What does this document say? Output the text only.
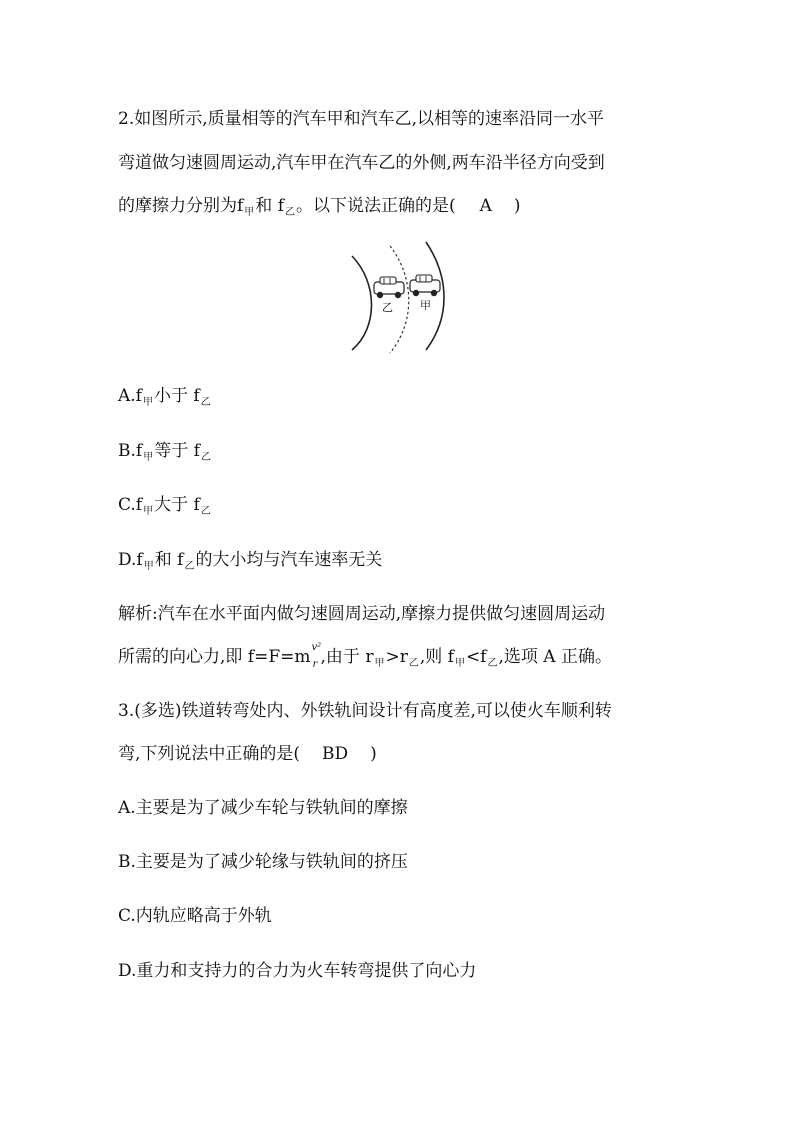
2.如图所示,质量相等的汽车甲和汽车乙,以相等的速率沿同一水平
弯道做匀速圆周运动,汽车甲在汽车乙的外侧,两车沿半径方向受到
的摩擦力分别为$f_甲$和 $f_乙$。以下说法正确的是( A )
乙 甲
$A.f_甲$小于 $f_乙$
$B.f_甲$等于 $f_乙$
$C.f_甲$大于 $f_乙$
$D.f_甲$和 $f_乙$的大小均与汽车速率无关
解析:汽车在水平面内做匀速圆周运动,摩擦力提供做匀速圆周运动
所需的向心力,即 f=F=m v²
r ,由于 $r_甲>r_乙$,则 $f_甲<f_乙$,选项 A 正确。
3.(多选)铁道转弯处内、外铁轨间设计有高度差,可以使火车顺利转
弯,下列说法中正确的是( BD )
A.主要是为了减少车轮与铁轨间的摩擦
B.主要是为了减少轮缘与铁轨间的挤压
C.内轨应略高于外轨
D.重力和支持力的合力为火车转弯提供了向心力
